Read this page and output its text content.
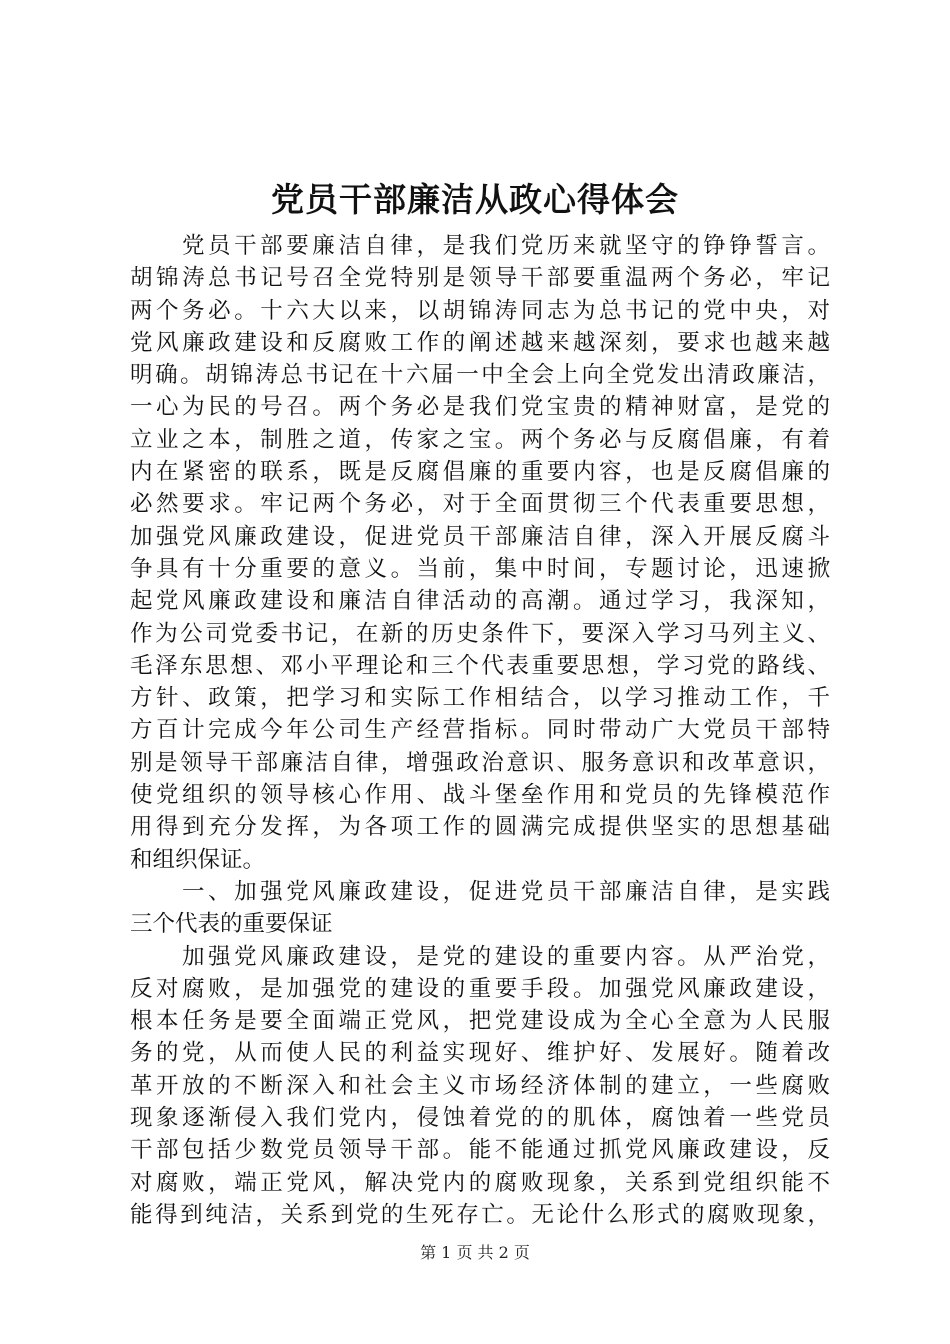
党员干部廉洁从政心得体会
党员干部要廉洁自律，是我们党历来就坚守的铮铮誓言。
胡锦涛总书记号召全党特别是领导干部要重温两个务必，牢记
两个务必。十六大以来，以胡锦涛同志为总书记的党中央，对
党风廉政建设和反腐败工作的阐述越来越深刻，要求也越来越
明确。胡锦涛总书记在十六届一中全会上向全党发出清政廉洁，
一心为民的号召。两个务必是我们党宝贵的精神财富，是党的
立业之本，制胜之道，传家之宝。两个务必与反腐倡廉，有着
内在紧密的联系，既是反腐倡廉的重要内容，也是反腐倡廉的
必然要求。牢记两个务必，对于全面贯彻三个代表重要思想，
加强党风廉政建设，促进党员干部廉洁自律，深入开展反腐斗
争具有十分重要的意义。当前，集中时间，专题讨论，迅速掀
起党风廉政建设和廉洁自律活动的高潮。通过学习，我深知，
作为公司党委书记，在新的历史条件下，要深入学习马列主义、
毛泽东思想、邓小平理论和三个代表重要思想，学习党的路线、
方针、政策，把学习和实际工作相结合，以学习推动工作，千
方百计完成今年公司生产经营指标。同时带动广大党员干部特
别是领导干部廉洁自律，增强政治意识、服务意识和改革意识，
使党组织的领导核心作用、战斗堡垒作用和党员的先锋模范作
用得到充分发挥，为各项工作的圆满完成提供坚实的思想基础
和组织保证。
一、加强党风廉政建设，促进党员干部廉洁自律，是实践
三个代表的重要保证
加强党风廉政建设，是党的建设的重要内容。从严治党，
反对腐败，是加强党的建设的重要手段。加强党风廉政建设，
根本任务是要全面端正党风，把党建设成为全心全意为人民服
务的党，从而使人民的利益实现好、维护好、发展好。随着改
革开放的不断深入和社会主义市场经济体制的建立，一些腐败
现象逐渐侵入我们党内，侵蚀着党的的肌体，腐蚀着一些党员
干部包括少数党员领导干部。能不能通过抓党风廉政建设，反
对腐败，端正党风，解决党内的腐败现象，关系到党组织能不
能得到纯洁，关系到党的生死存亡。无论什么形式的腐败现象，
第 1 页 共 2 页
